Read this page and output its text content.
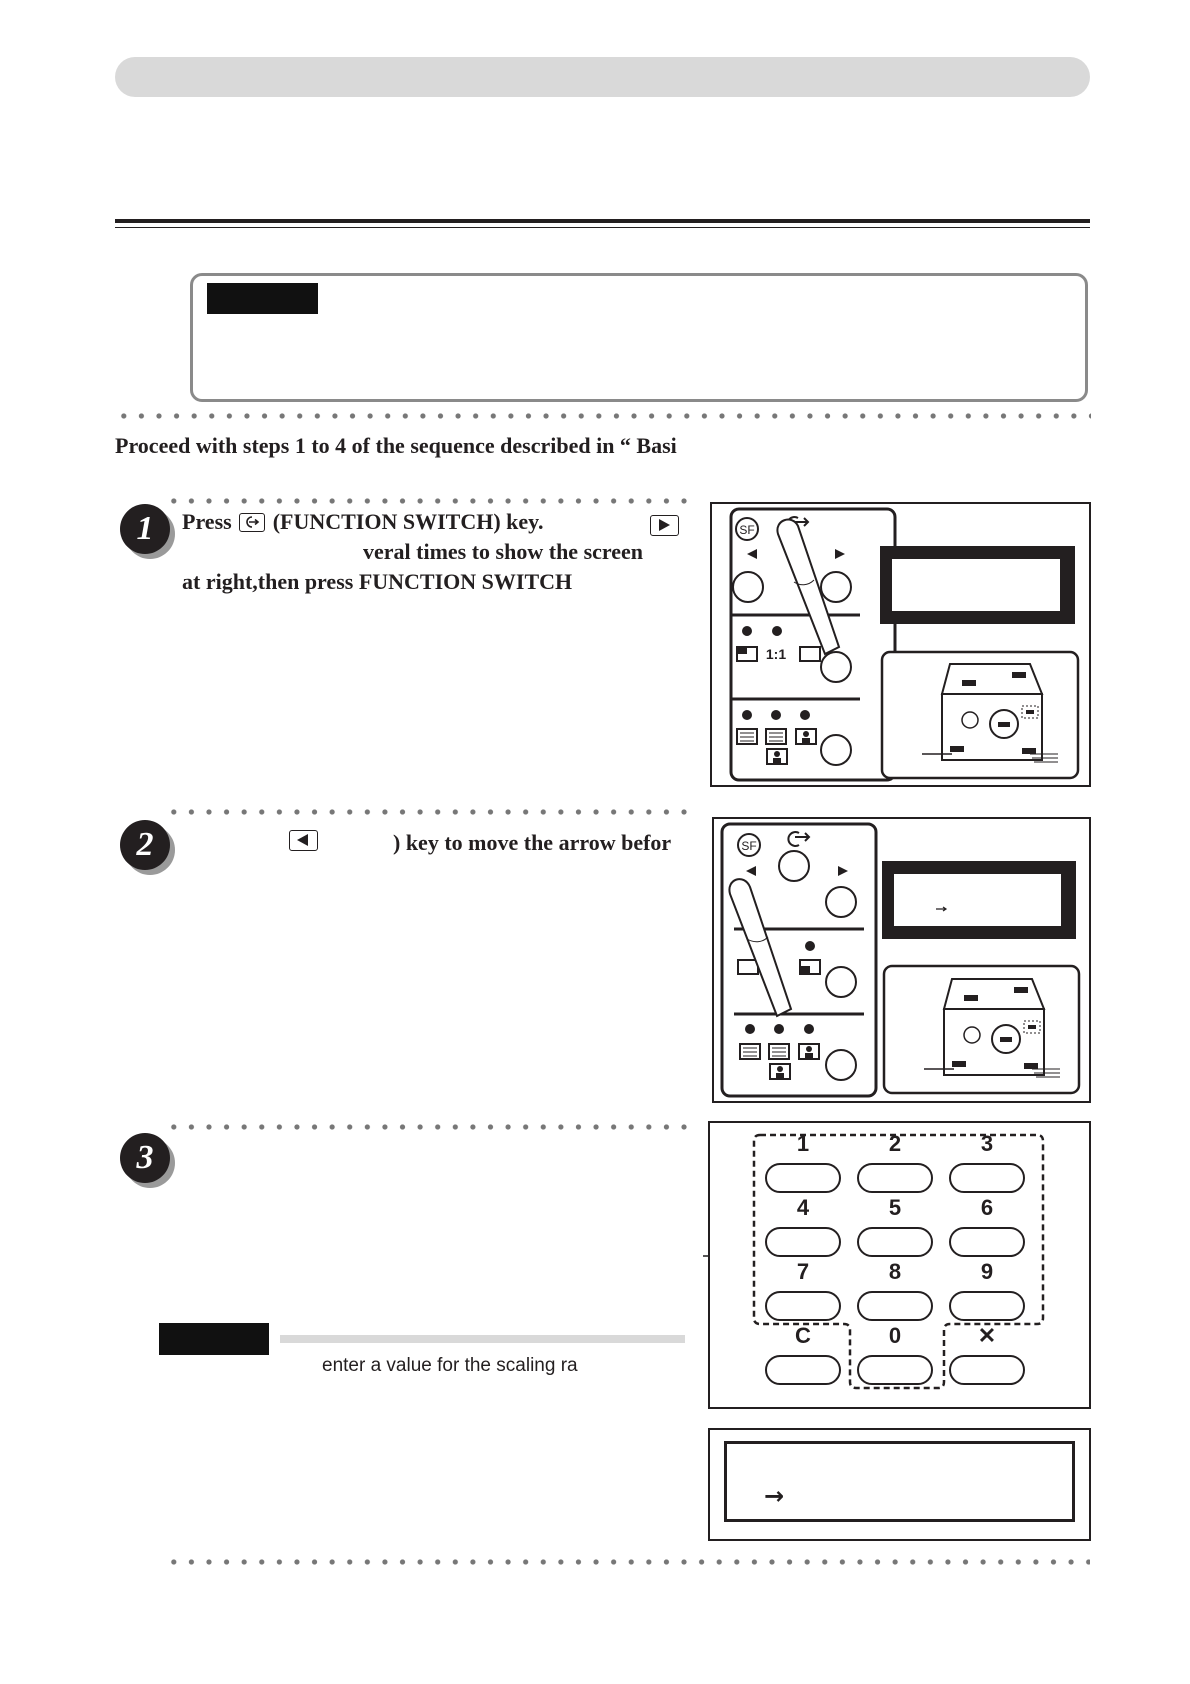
Proceed with steps 1 to 4 of the sequence described in “ Basi
1	Press (FUNCTION SWITCH) key.

veral times to show the screen
at right,then press FUNCTION SWITCH
SF
1:1
2	) key to move the arrow befor	SF
3
enter a value for the scaling ra
1	2	3
4	5	6
7	8	9
C	0	✕
→
